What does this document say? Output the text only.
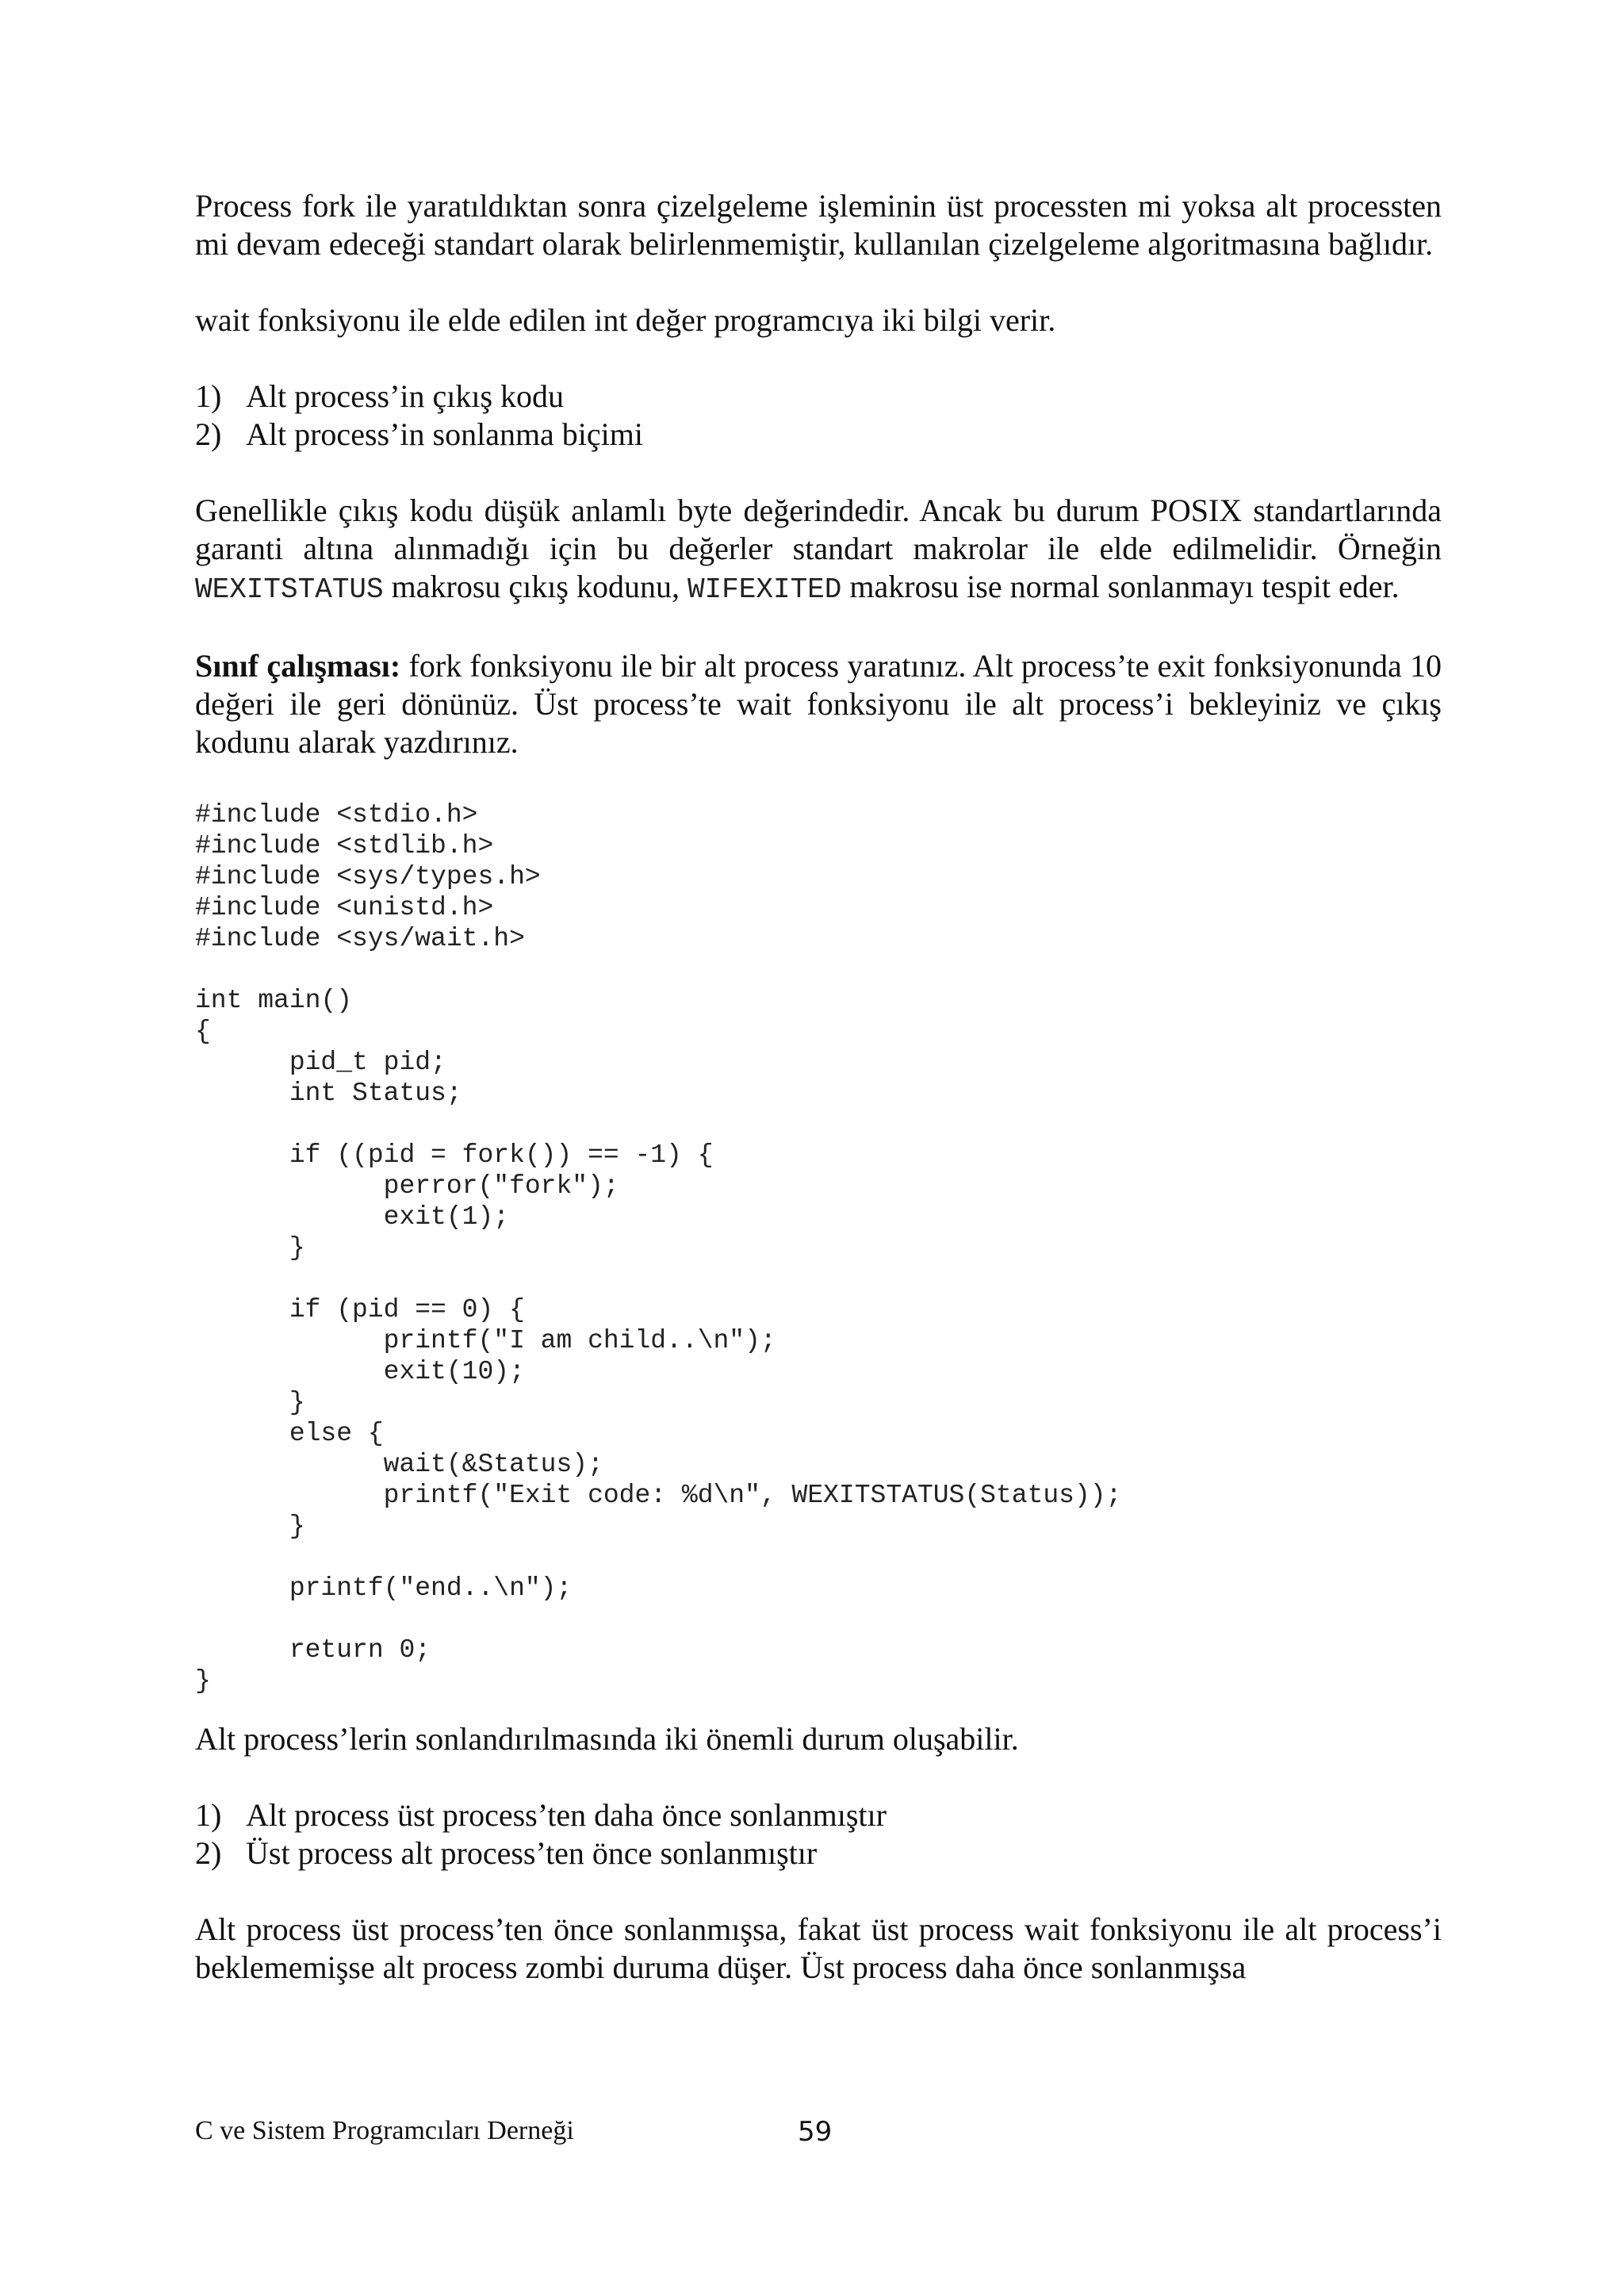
Process fork ile yaratıldıktan sonra çizelgeleme işleminin üst processten mi yoksa alt processten mi devam edeceği standart olarak belirlenmemiştir, kullanılan çizelgeleme algoritmasına bağlıdır.

wait fonksiyonu ile elde edilen int değer programcıya iki bilgi verir.

1) Alt process’in çıkış kodu
2) Alt process’in sonlanma biçimi

Genellikle çıkış kodu düşük anlamlı byte değerindedir. Ancak bu durum POSIX standartlarında garanti altına alınmadığı için bu değerler standart makrolar ile elde edilmelidir. Örneğin WEXITSTATUS makrosu çıkış kodunu, WIFEXITED makrosu ise normal sonlanmayı tespit eder.

Sınıf çalışması: fork fonksiyonu ile bir alt process yaratınız. Alt process’te exit fonksiyonunda 10 değeri ile geri dönünüz. Üst process’te wait fonksiyonu ile alt process’i bekleyiniz ve çıkış kodunu alarak yazdırınız.

#include <stdio.h>
#include <stdlib.h>
#include <sys/types.h>
#include <unistd.h>
#include <sys/wait.h>
int main()
{
pid_t pid;
int Status;
if ((pid = fork()) == -1) {
perror("fork");
exit(1);
}
if (pid == 0) {
printf("I am child..\n");
exit(10);
}
else {
wait(&Status);
printf("Exit code: %d\n", WEXITSTATUS(Status));
}
printf("end..\n");
return 0;
}

Alt process’lerin sonlandırılmasında iki önemli durum oluşabilir.

1) Alt process üst process’ten daha önce sonlanmıştır
2) Üst process alt process’ten önce sonlanmıştır

Alt process üst process’ten önce sonlanmışsa, fakat üst process wait fonksiyonu ile alt process’i beklememişse alt process zombi duruma düşer. Üst process daha önce sonlanmışsa

C ve Sistem Programcıları Derneği	59
